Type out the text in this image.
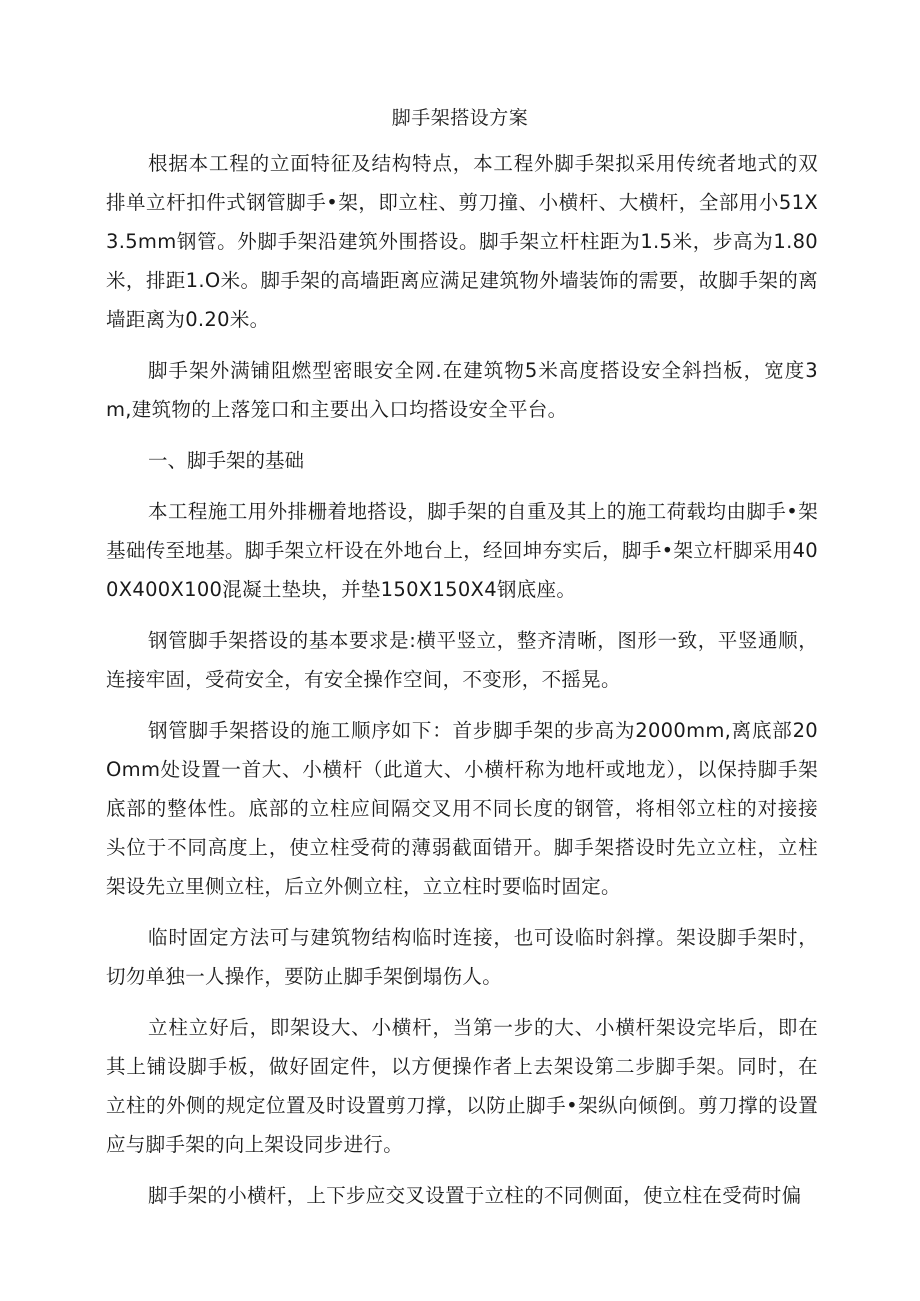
脚手架搭设方案

根据本工程的立面特征及结构特点，本工程外脚手架拟采用传统者地式的双排单立杆扣件式钢管脚手•架，即立柱、剪刀撞、小横杆、大横杆，全部用小51X3.5mm钢管。外脚手架沿建筑外围搭设。脚手架立杆柱距为1.5米，步高为1.80米，排距1.O米。脚手架的高墙距离应满足建筑物外墙装饰的需要，故脚手架的离墙距离为0.20米。

脚手架外满铺阻燃型密眼安全网.在建筑物5米高度搭设安全斜挡板，宽度3m,建筑物的上落笼口和主要出入口均搭设安全平台。

一、脚手架的基础

本工程施工用外排栅着地搭设，脚手架的自重及其上的施工荷载均由脚手•架基础传至地基。脚手架立杆设在外地台上，经回坤夯实后，脚手•架立杆脚采用400X400X100混凝土垫块，并垫150X150X4钢底座。

钢管脚手架搭设的基本要求是:横平竖立，整齐清晰，图形一致，平竖通顺，连接牢固，受荷安全，有安全操作空间，不变形，不摇晃。

钢管脚手架搭设的施工顺序如下：首步脚手架的步高为2000mm,离底部20Omm处设置一首大、小横杆（此道大、小横杆称为地杆或地龙），以保持脚手架底部的整体性。底部的立柱应间隔交叉用不同长度的钢管，将相邻立柱的对接接头位于不同高度上，使立柱受荷的薄弱截面错开。脚手架搭设时先立立柱，立柱架设先立里侧立柱，后立外侧立柱，立立柱时要临时固定。

临时固定方法可与建筑物结构临时连接，也可设临时斜撑。架设脚手架时，切勿单独一人操作，要防止脚手架倒塌伤人。

立柱立好后，即架设大、小横杆，当第一步的大、小横杆架设完毕后，即在其上铺设脚手板，做好固定件，以方便操作者上去架设第二步脚手架。同时，在立柱的外侧的规定位置及时设置剪刀撑，以防止脚手•架纵向倾倒。剪刀撑的设置应与脚手架的向上架设同步进行。

脚手架的小横杆，上下步应交叉设置于立柱的不同侧面，使立柱在受荷时偏
